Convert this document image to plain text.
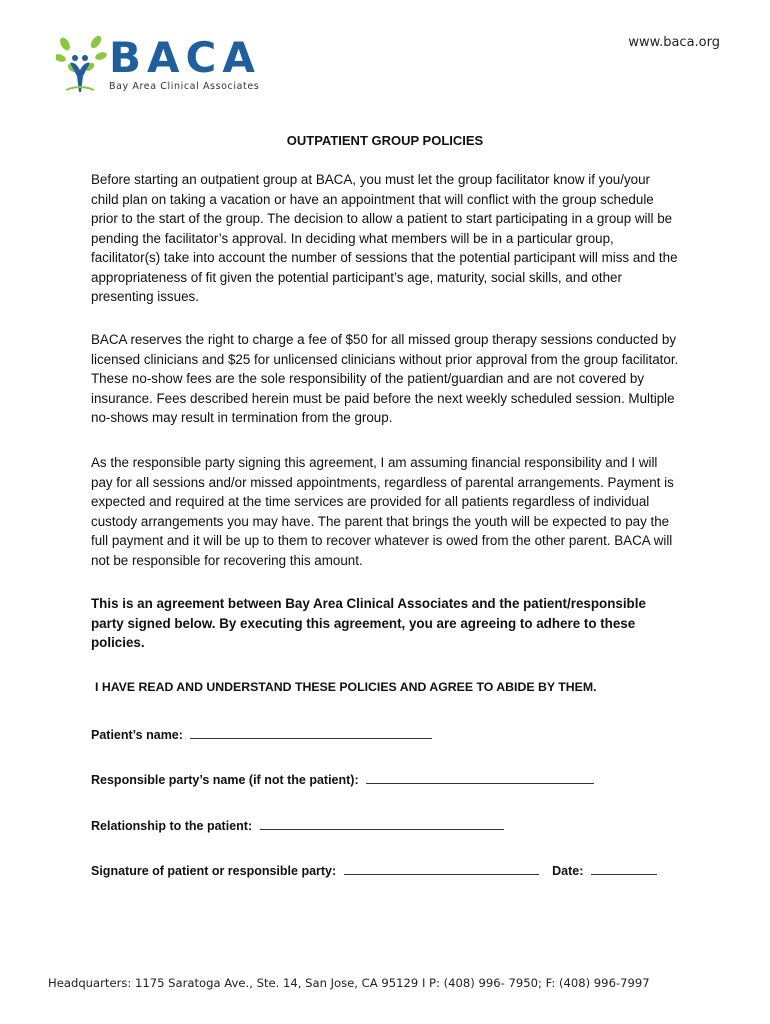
BACA
Bay Area Clinical Associates
www.baca.org
OUTPATIENT GROUP POLICIES

Before starting an outpatient group at BACA, you must let the group facilitator know if you/your child plan on taking a vacation or have an appointment that will conflict with the group schedule prior to the start of the group. The decision to allow a patient to start participating in a group will be pending the facilitator’s approval. In deciding what members will be in a particular group, facilitator(s) take into account the number of sessions that the potential participant will miss and the appropriateness of fit given the potential participant’s age, maturity, social skills, and other presenting issues.

BACA reserves the right to charge a fee of $50 for all missed group therapy sessions conducted by licensed clinicians and $25 for unlicensed clinicians without prior approval from the group facilitator. These no-show fees are the sole responsibility of the patient/guardian and are not covered by insurance. Fees described herein must be paid before the next weekly scheduled session. Multiple no-shows may result in termination from the group.

As the responsible party signing this agreement, I am assuming financial responsibility and I will pay for all sessions and/or missed appointments, regardless of parental arrangements. Payment is expected and required at the time services are provided for all patients regardless of individual custody arrangements you may have. The parent that brings the youth will be expected to pay the full payment and it will be up to them to recover whatever is owed from the other parent. BACA will not be responsible for recovering this amount.

This is an agreement between Bay Area Clinical Associates and the patient/responsible party signed below. By executing this agreement, you are agreeing to adhere to these policies.

I HAVE READ AND UNDERSTAND THESE POLICIES AND AGREE TO ABIDE BY THEM.
Patient’s name:
Responsible party’s name (if not the patient):
Relationship to the patient:
Signature of patient or responsible party:	Date:
Headquarters: 1175 Saratoga Ave., Ste. 14, San Jose, CA 95129 I P: (408) 996- 7950; F: (408) 996-7997
